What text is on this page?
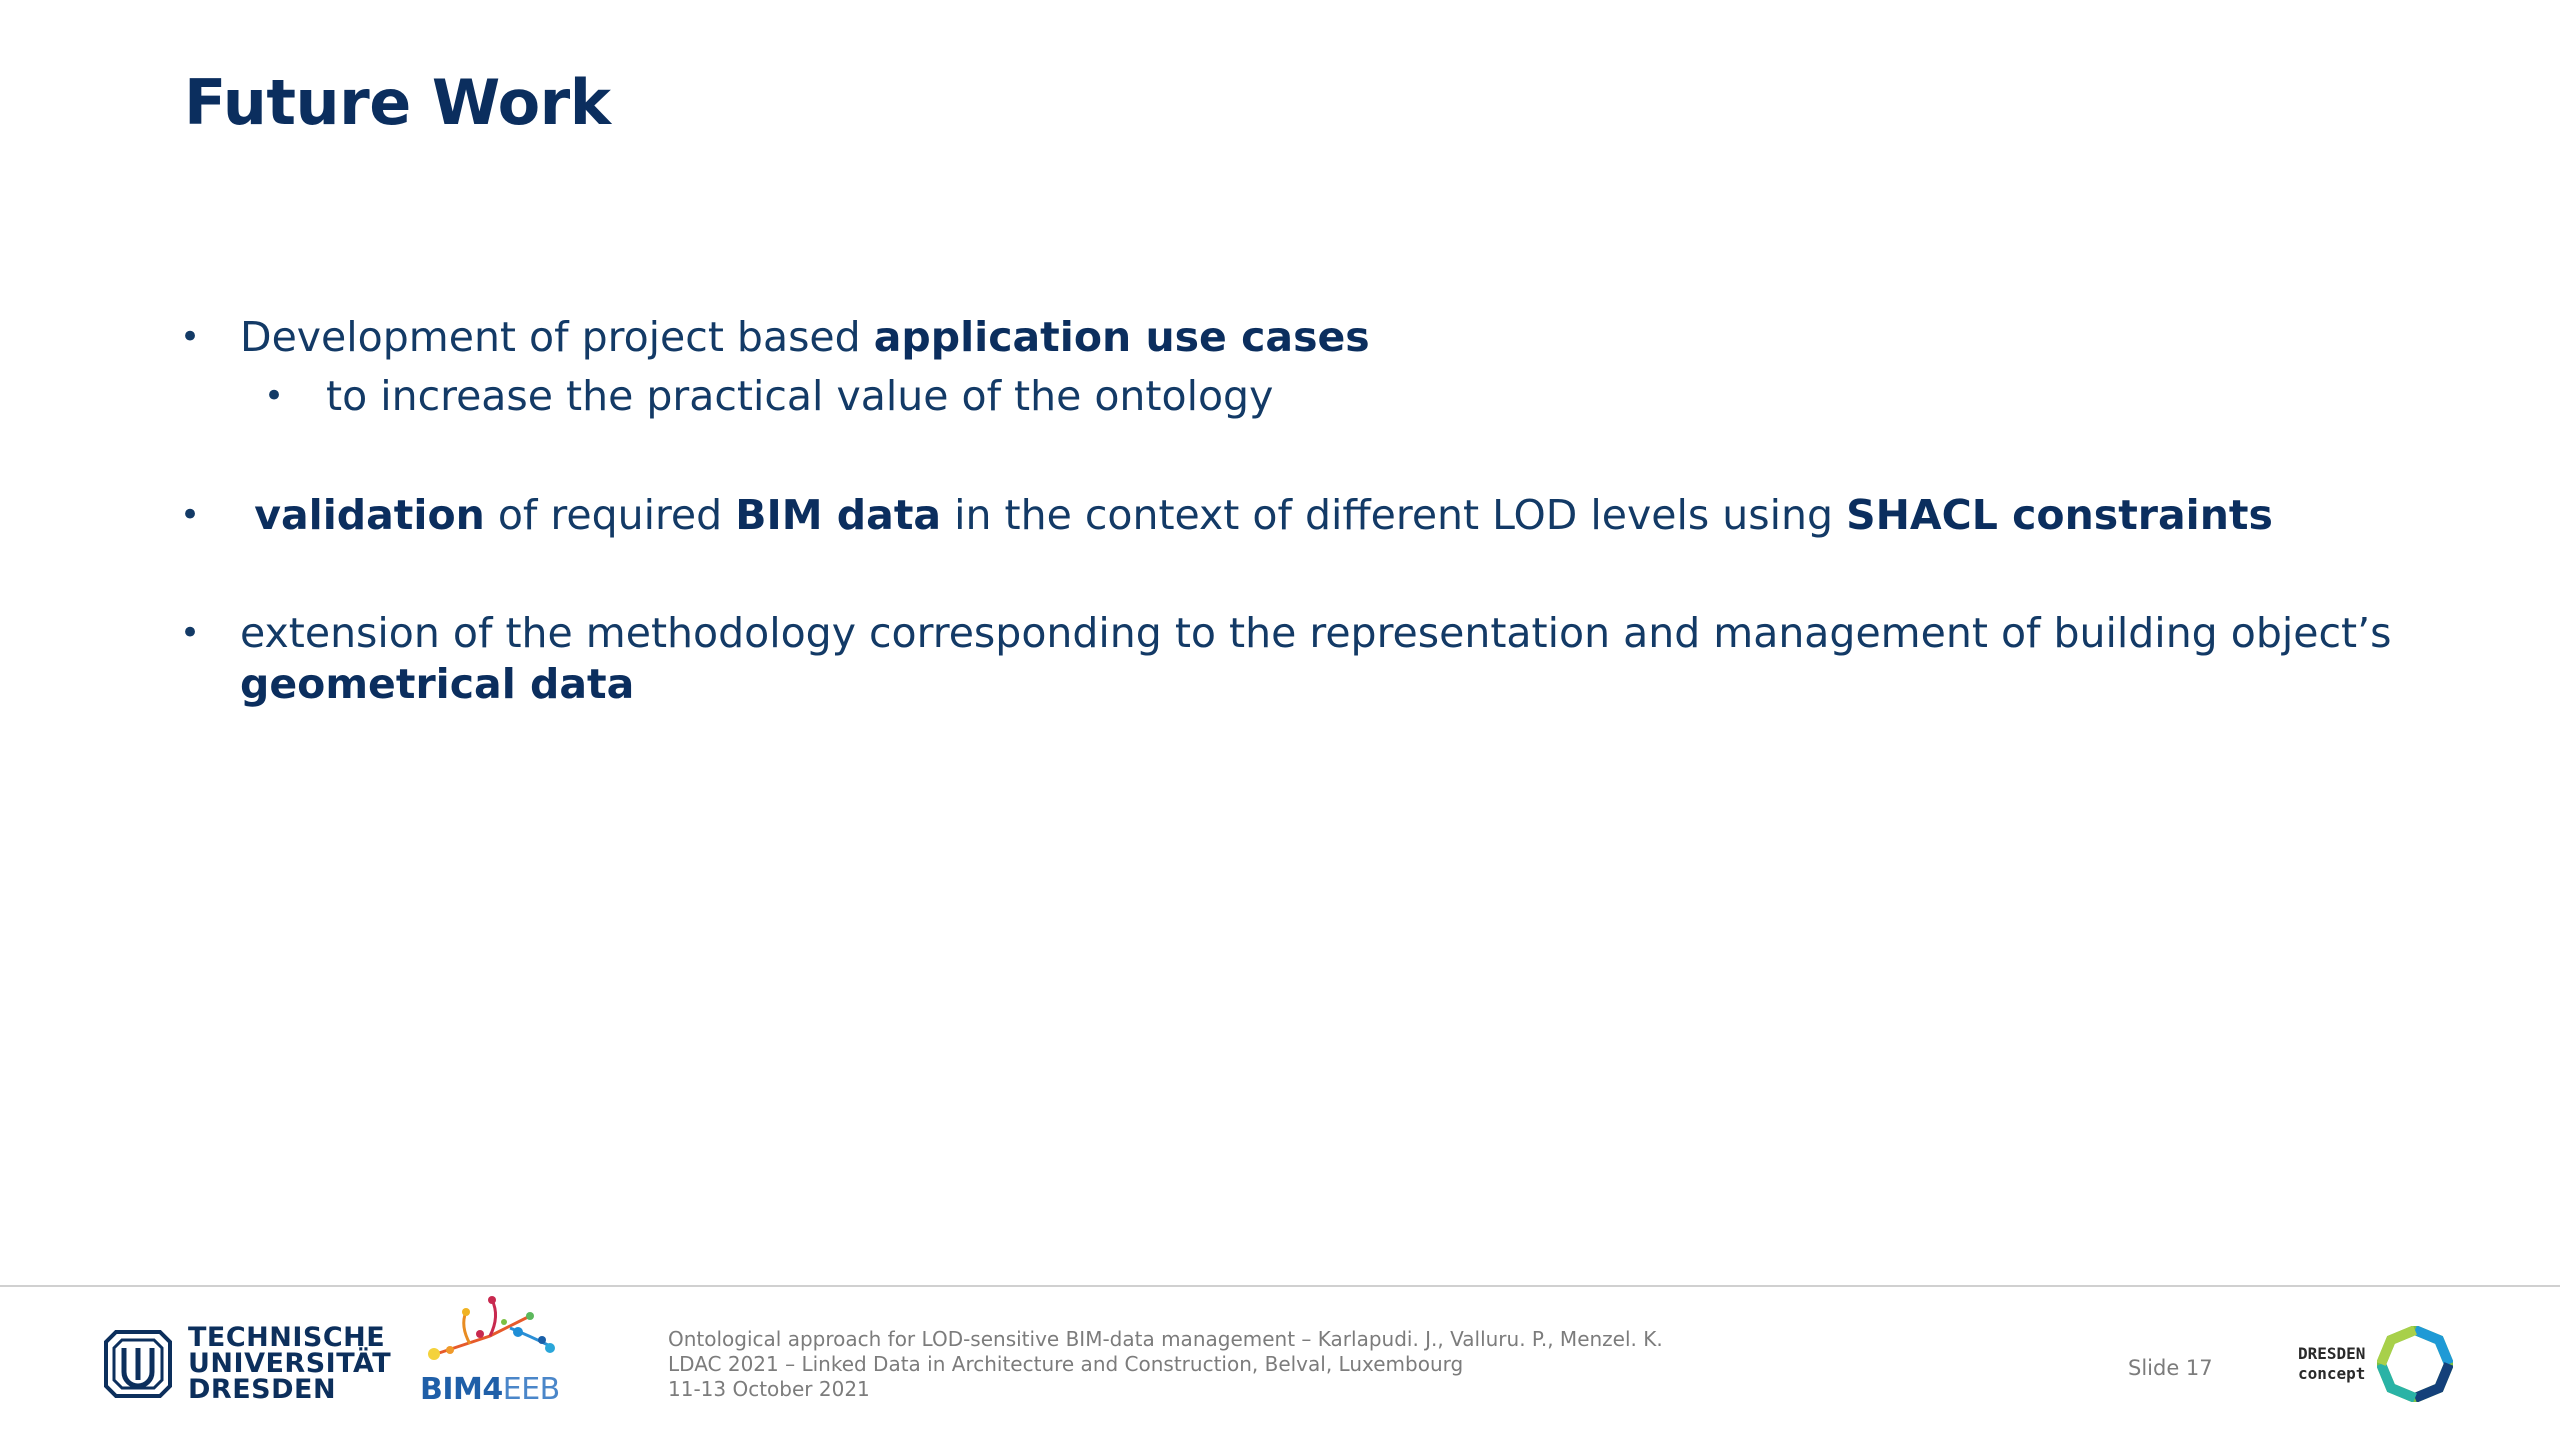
Future Work
• Development of project based application use cases
•	to increase the practical value of the ontology
• validation of required BIM data in the context of different LOD levels using SHACL constraints
• extension of the methodology corresponding to the representation and management of building object’s geometrical data
TECHNISCHE
UNIVERSITÄT
DRESDEN	BIM4EEB
Ontological approach for LOD-sensitive BIM-data management – Karlapudi. J., Valluru. P., Menzel. K.
LDAC 2021 – Linked Data in Architecture and Construction, Belval, Luxembourg
11-13 October 2021
Slide 17
DRESDEN
concept
